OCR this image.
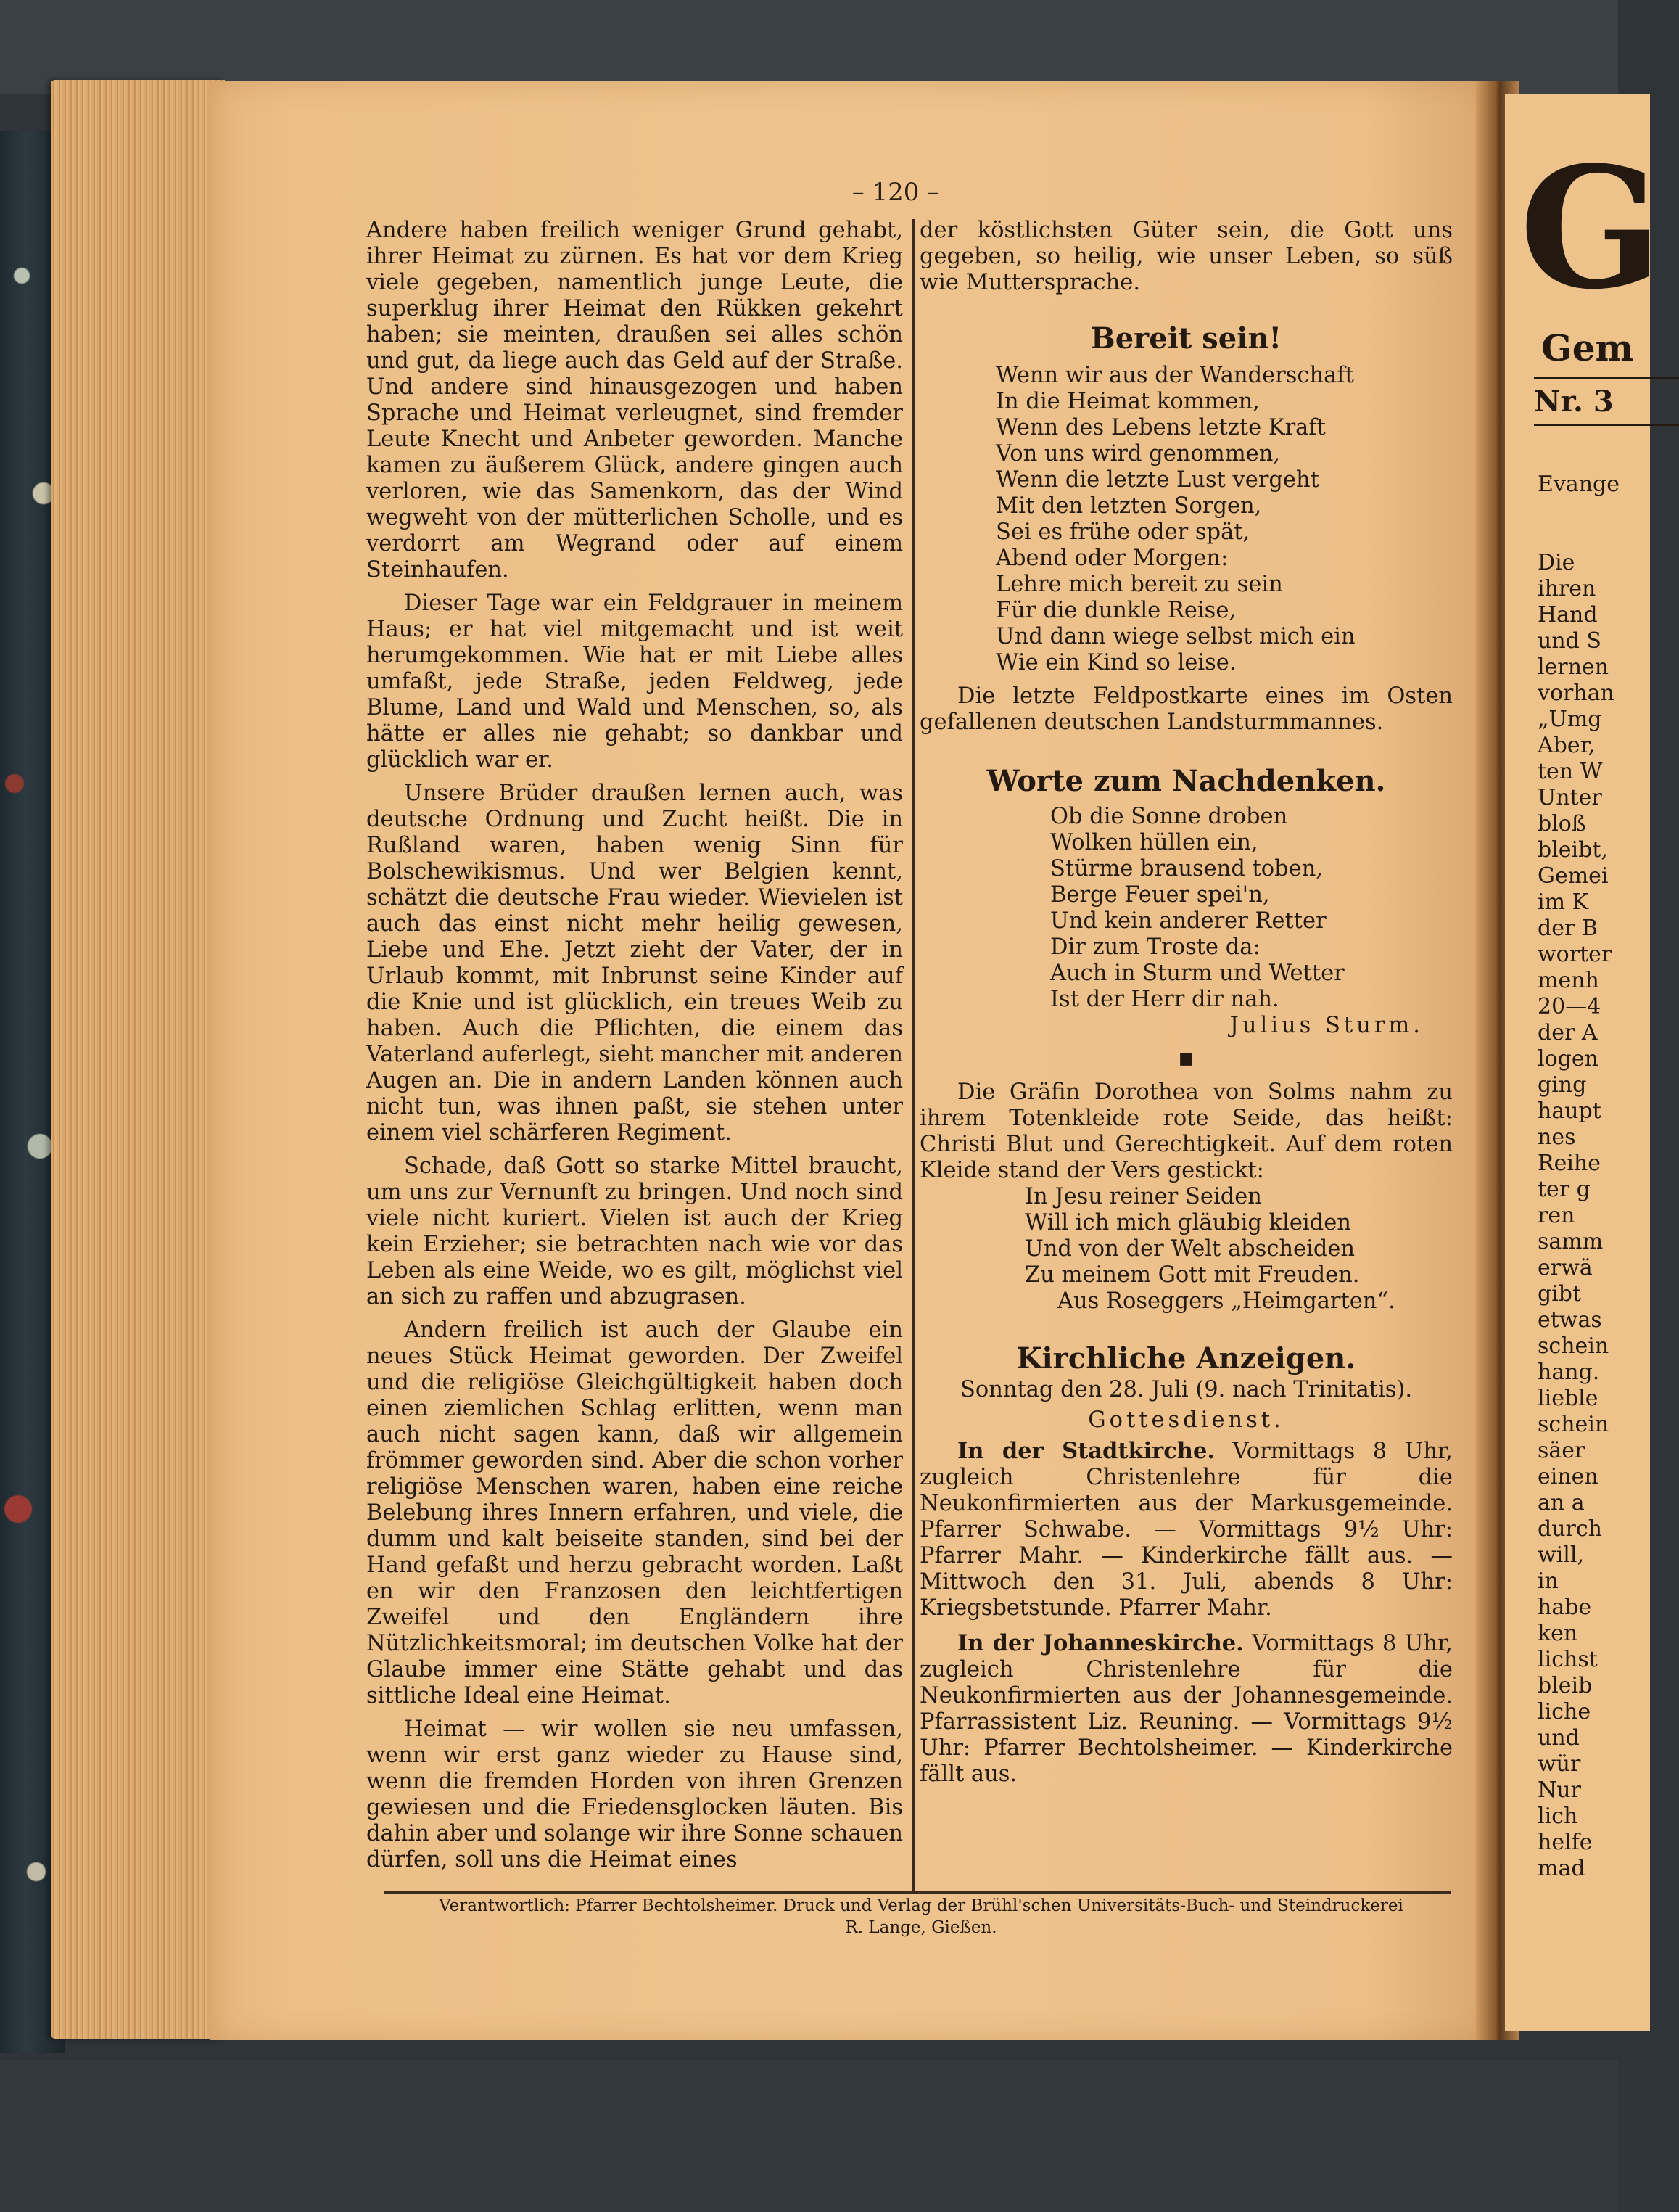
– 120 –

Andere haben freilich weniger Grund gehabt, ihrer Heimat zu zürnen. Es hat vor dem Krieg viele gegeben, namentlich junge Leute, die superklug ihrer Heimat den Rükken gekehrt haben; sie meinten, draußen sei alles schön und gut, da liege auch das Geld auf der Straße. Und andere sind hinausgezogen und haben Sprache und Heimat verleugnet, sind fremder Leute Knecht und Anbeter geworden. Manche kamen zu äußerem Glück, andere gingen auch verloren, wie das Samenkorn, das der Wind wegweht von der mütterlichen Scholle, und es verdorrt am Wegrand oder auf einem Steinhaufen.

Dieser Tage war ein Feldgrauer in meinem Haus; er hat viel mitgemacht und ist weit herumgekommen. Wie hat er mit Liebe alles umfaßt, jede Straße, jeden Feldweg, jede Blume, Land und Wald und Menschen, so, als hätte er alles nie gehabt; so dankbar und glücklich war er.

Unsere Brüder draußen lernen auch, was deutsche Ordnung und Zucht heißt. Die in Rußland waren, haben wenig Sinn für Bolschewikismus. Und wer Belgien kennt, schätzt die deutsche Frau wieder. Wievielen ist auch das einst nicht mehr heilig gewesen, Liebe und Ehe. Jetzt zieht der Vater, der in Urlaub kommt, mit Inbrunst seine Kinder auf die Knie und ist glücklich, ein treues Weib zu haben. Auch die Pflichten, die einem das Vaterland auferlegt, sieht mancher mit anderen Augen an. Die in andern Landen können auch nicht tun, was ihnen paßt, sie stehen unter einem viel schärferen Regiment.

Schade, daß Gott so starke Mittel braucht, um uns zur Vernunft zu bringen. Und noch sind viele nicht kuriert. Vielen ist auch der Krieg kein Erzieher; sie betrachten nach wie vor das Leben als eine Weide, wo es gilt, möglichst viel an sich zu raffen und abzugrasen.

Andern freilich ist auch der Glaube ein neues Stück Heimat geworden. Der Zweifel und die religiöse Gleichgültigkeit haben doch einen ziemlichen Schlag erlitten, wenn man auch nicht sagen kann, daß wir allgemein frömmer geworden sind. Aber die schon vorher religiöse Menschen waren, haben eine reiche Belebung ihres Innern erfahren, und viele, die dumm und kalt beiseite standen, sind bei der Hand gefaßt und herzu gebracht worden. Laßt en wir den Franzosen den leichtfertigen Zweifel und den Engländern ihre Nützlichkeitsmoral; im deutschen Volke hat der Glaube immer eine Stätte gehabt und das sittliche Ideal eine Heimat.

Heimat — wir wollen sie neu umfassen, wenn wir erst ganz wieder zu Hause sind, wenn die fremden Horden von ihren Grenzen gewiesen und die Friedensglocken läuten. Bis dahin aber und solange wir ihre Sonne schauen dürfen, soll uns die Heimat eines

der köstlichsten Güter sein, die Gott uns gegeben, so heilig, wie unser Leben, so süß wie Muttersprache.

Bereit sein!
Wenn wir aus der Wanderschaft
In die Heimat kommen,
Wenn des Lebens letzte Kraft
Von uns wird genommen,
Wenn die letzte Lust vergeht
Mit den letzten Sorgen,
Sei es frühe oder spät,
Abend oder Morgen:
Lehre mich bereit zu sein
Für die dunkle Reise,
Und dann wiege selbst mich ein
Wie ein Kind so leise.

Die letzte Feldpostkarte eines im Osten gefallenen deutschen Landsturmmannes.

Worte zum Nachdenken.
Ob die Sonne droben
Wolken hüllen ein,
Stürme brausend toben,
Berge Feuer spei'n,
Und kein anderer Retter
Dir zum Troste da:
Auch in Sturm und Wetter
Ist der Herr dir nah.
Julius Sturm.
■

Die Gräfin Dorothea von Solms nahm zu ihrem Totenkleide rote Seide, das heißt: Christi Blut und Gerechtigkeit. Auf dem roten Kleide stand der Vers gestickt:

In Jesu reiner Seiden
Will ich mich gläubig kleiden
Und von der Welt abscheiden
Zu meinem Gott mit Freuden.
Aus Roseggers „Heimgarten“.
Kirchliche Anzeigen.

Sonntag den 28. Juli (9. nach Trinitatis).

Gottesdienst.

In der Stadtkirche. Vormittags 8 Uhr, zugleich Christenlehre für die Neukonfirmierten aus der Markusgemeinde. Pfarrer Schwabe. — Vormittags 9½ Uhr: Pfarrer Mahr. — Kinderkirche fällt aus. — Mittwoch den 31. Juli, abends 8 Uhr: Kriegsbetstunde. Pfarrer Mahr.

In der Johanneskirche. Vormittags 8 Uhr, zugleich Christenlehre für die Neukonfirmierten aus der Johannesgemeinde. Pfarrassistent Liz. Reuning. — Vormittags 9½ Uhr: Pfarrer Bechtolsheimer. — Kinderkirche fällt aus.

Verantwortlich: Pfarrer Bechtolsheimer. Druck und Verlag der Brühl'schen Universitäts-Buch- und Steindruckerei
R. Lange, Gießen.
G
Gem
Nr. 3
Evange

Die
ihren
Hand
und S
lernen
vorhan
„Umg
Aber,
ten W
Unter
bloß
bleibt,
Gemei
im K
der B
worter
menh
20—4
der A
logen
ging
haupt
nes
Reihe
ter g
ren
samm
erwä
gibt
etwas
schein
hang.
lieble
schein
säer
einen
an a
durch
will,
in
habe
ken
lichst
bleib
liche
und
wür
Nur
lich
helfe
mad
